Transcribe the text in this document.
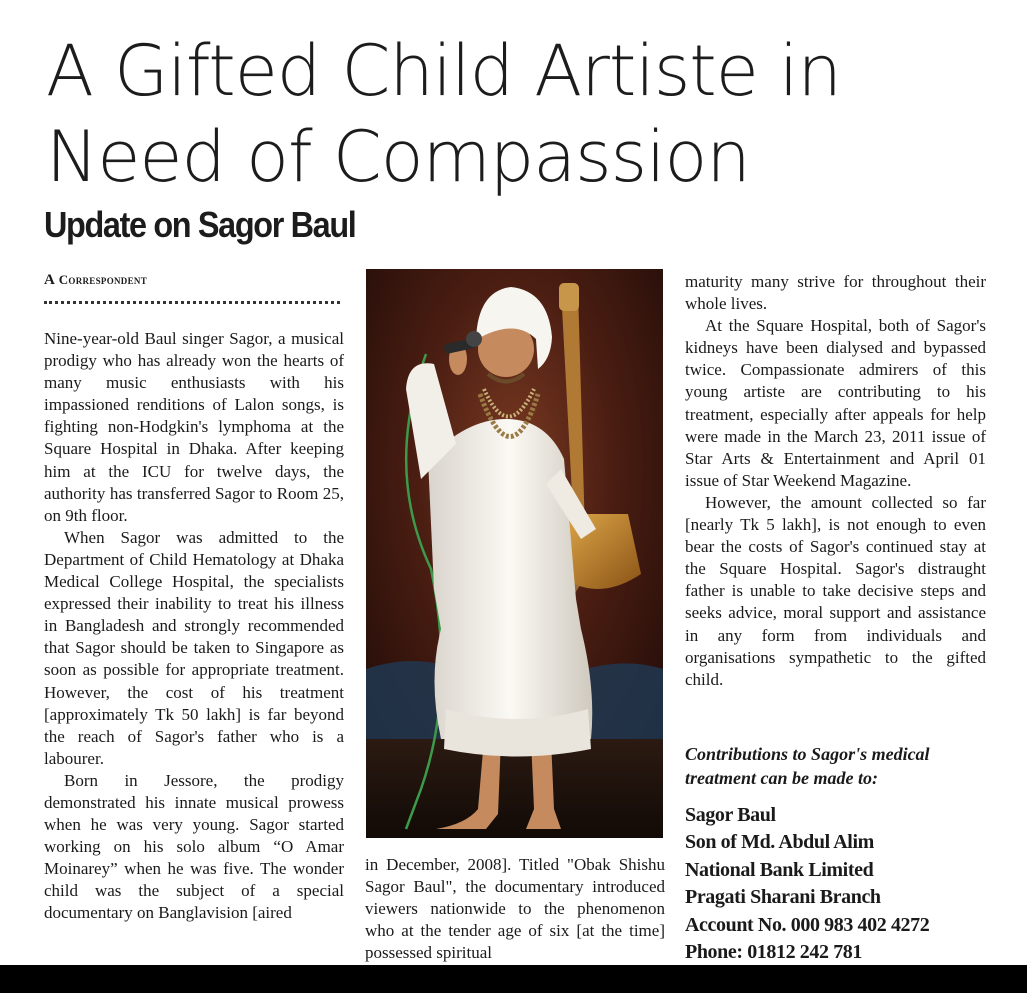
A Gifted Child Artiste in
Need of Compassion
Update on Sagor Baul
A Correspondent

Nine-year-old Baul singer Sagor, a musical prodigy who has already won the hearts of many music enthusiasts with his impassioned renditions of Lalon songs, is fighting non-Hodgkin's lymphoma at the Square Hospital in Dhaka. After keeping him at the ICU for twelve days, the authority has transferred Sagor to Room 25, on 9th floor.

When Sagor was admitted to the Department of Child Hematology at Dhaka Medical College Hospital, the specialists expressed their inability to treat his illness in Bangladesh and strongly recommended that Sagor should be taken to Singapore as soon as possible for appropriate treatment. However, the cost of his treatment [approximately Tk 50 lakh] is far beyond the reach of Sagor's father who is a labourer.

Born in Jessore, the prodigy demonstrated his innate musical prowess when he was very young. Sagor started working on his solo album “O Amar Moinarey” when he was five. The wonder child was the subject of a special documentary on Banglavision [aired

in December, 2008]. Titled "Obak Shishu Sagor Baul", the documentary introduced viewers nationwide to the phenomenon who at the tender age of six [at the time] possessed spiritual

maturity many strive for throughout their whole lives.

At the Square Hospital, both of Sagor's kidneys have been dialysed and bypassed twice. Compassionate admirers of this young artiste are contributing to his treatment, especially after appeals for help were made in the March 23, 2011 issue of Star Arts & Entertainment and April 01 issue of Star Weekend Magazine.

However, the amount collected so far [nearly Tk 5 lakh], is not enough to even bear the costs of Sagor's continued stay at the Square Hospital. Sagor's distraught father is unable to take decisive steps and seeks advice, moral support and assistance in any form from individuals and organisations sympathetic to the gifted child.

Contributions to Sagor's medical

treatment can be made to:

Sagor Baul
Son of Md. Abdul Alim
National Bank Limited
Pragati Sharani Branch
Account No. 000 983 402 4272
Phone: 01812 242 781
